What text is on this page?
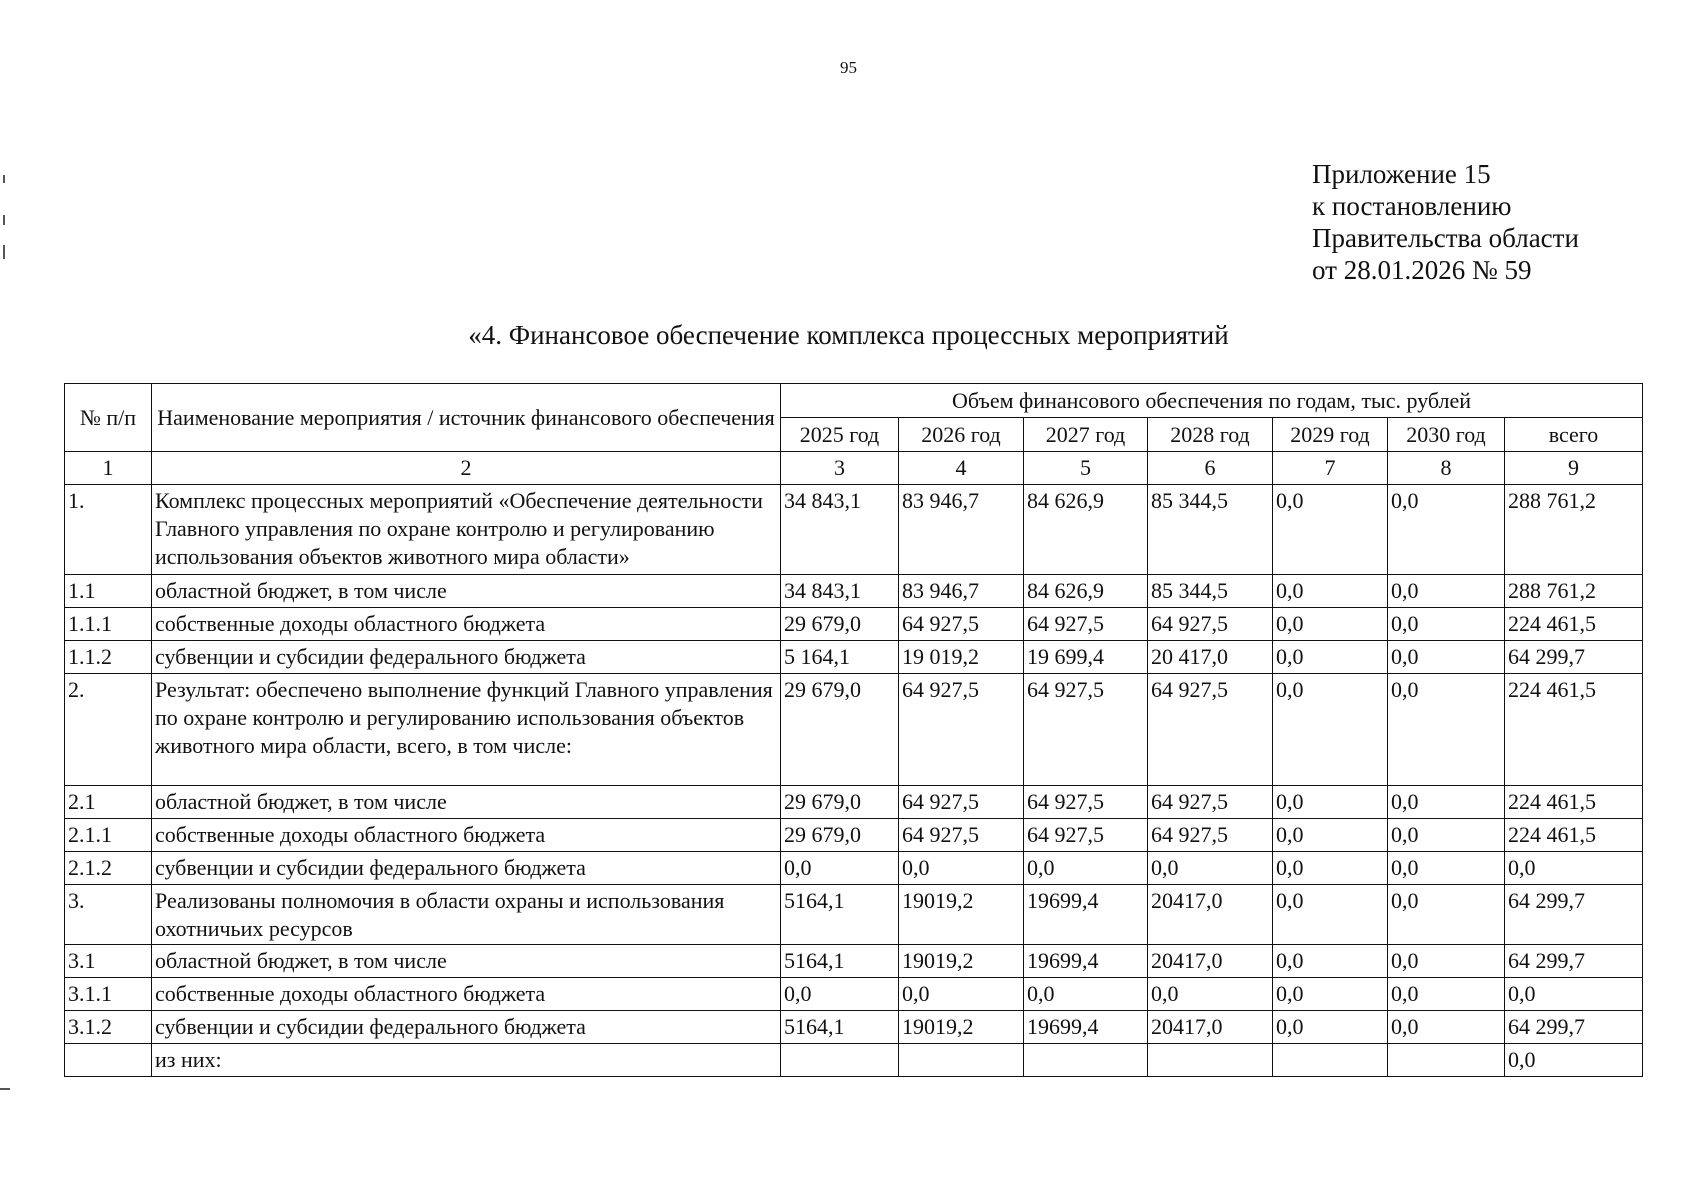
95
Приложение 15
к постановлению
Правительства области
от 28.01.2026 № 59
«4. Финансовое обеспечение комплекса процессных мероприятий
№ п/п	Наименование мероприятия / источник финансового обеспечения	Объем финансового обеспечения по годам, тыс. рублей						
		2025 год	2026 год	2027 год	2028 год	2029 год	2030 год	всего
1	2	3	4	5	6	7	8	9
1.	Комплекс процессных мероприятий «Обеспечение деятельности Главного управления по охране контролю и регулированию использования объектов животного мира области»	34 843,1	83 946,7	84 626,9	85 344,5	0,0	0,0	288 761,2
1.1	областной бюджет, в том числе	34 843,1	83 946,7	84 626,9	85 344,5	0,0	0,0	288 761,2
1.1.1	собственные доходы областного бюджета	29 679,0	64 927,5	64 927,5	64 927,5	0,0	0,0	224 461,5
1.1.2	субвенции и субсидии федерального бюджета	5 164,1	19 019,2	19 699,4	20 417,0	0,0	0,0	64 299,7
2.	Результат: обеспечено выполнение функций Главного управления по охране контролю и регулированию использования объектов животного мира области, всего, в том числе:	29 679,0	64 927,5	64 927,5	64 927,5	0,0	0,0	224 461,5
2.1	областной бюджет, в том числе	29 679,0	64 927,5	64 927,5	64 927,5	0,0	0,0	224 461,5
2.1.1	собственные доходы областного бюджета	29 679,0	64 927,5	64 927,5	64 927,5	0,0	0,0	224 461,5
2.1.2	субвенции и субсидии федерального бюджета	0,0	0,0	0,0	0,0	0,0	0,0	0,0
3.	Реализованы полномочия в области охраны и использования охотничьих ресурсов	5164,1	19019,2	19699,4	20417,0	0,0	0,0	64 299,7
3.1	областной бюджет, в том числе	5164,1	19019,2	19699,4	20417,0	0,0	0,0	64 299,7
3.1.1	собственные доходы областного бюджета	0,0	0,0	0,0	0,0	0,0	0,0	0,0
3.1.2	субвенции и субсидии федерального бюджета	5164,1	19019,2	19699,4	20417,0	0,0	0,0	64 299,7
	из них:							0,0
